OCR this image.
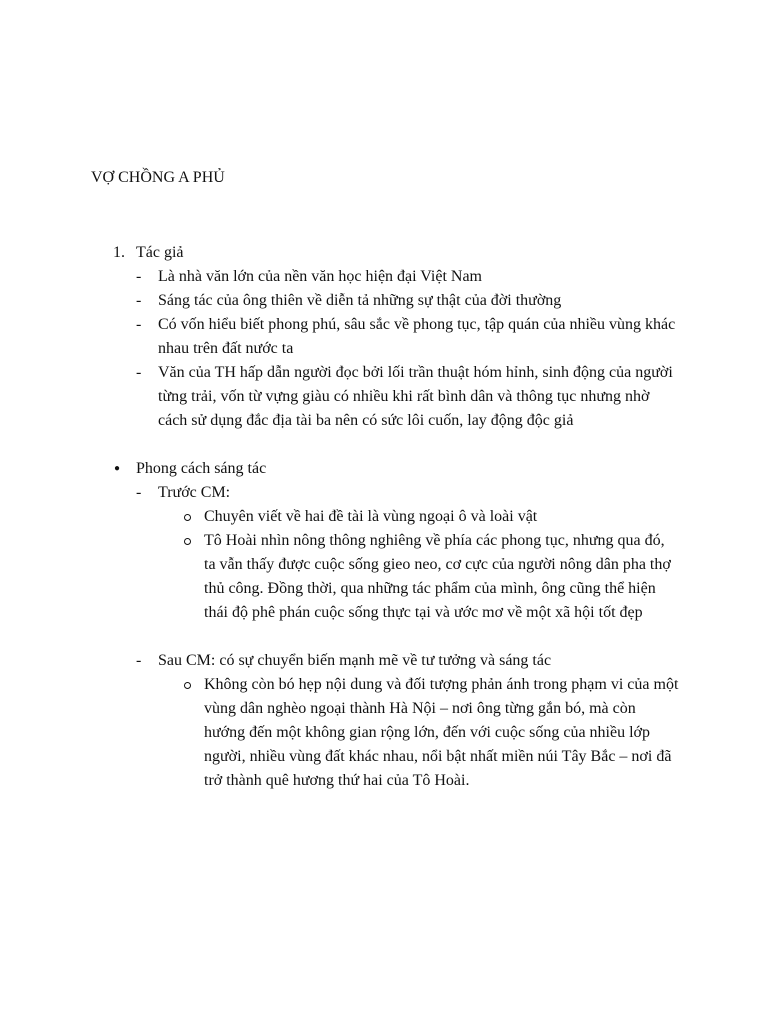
VỢ CHỒNG A PHỦ
1. Tác giả
- Là nhà văn lớn của nền văn học hiện đại Việt Nam
- Sáng tác của ông thiên về diễn tả những sự thật của đời thường
- Có vốn hiểu biết phong phú, sâu sắc về phong tục, tập quán của nhiều vùng khác nhau trên đất nước ta
- Văn của TH hấp dẫn người đọc bởi lối trần thuật hóm hỉnh, sinh động của người từng trải, vốn từ vựng giàu có nhiều khi rất bình dân và thông tục nhưng nhờ cách sử dụng đắc địa tài ba nên có sức lôi cuốn, lay động độc giả
● Phong cách sáng tác
- Trước CM:
Chuyên viết về hai đề tài là vùng ngoại ô và loài vật
Tô Hoài nhìn nông thông nghiêng về phía các phong tục, nhưng qua đó, ta vẫn thấy được cuộc sống gieo neo, cơ cực của người nông dân pha thợ thủ công. Đồng thời, qua những tác phẩm của mình, ông cũng thể hiện thái độ phê phán cuộc sống thực tại và ước mơ về một xã hội tốt đẹp
- Sau CM: có sự chuyển biến mạnh mẽ về tư tưởng và sáng tác
Không còn bó hẹp nội dung và đối tượng phản ánh trong phạm vi của một vùng dân nghèo ngoại thành Hà Nội – nơi ông từng gắn bó, mà còn hướng đến một không gian rộng lớn, đến với cuộc sống của nhiều lớp người, nhiều vùng đất khác nhau, nổi bật nhất miền núi Tây Bắc – nơi đã trở thành quê hương thứ hai của Tô Hoài.
